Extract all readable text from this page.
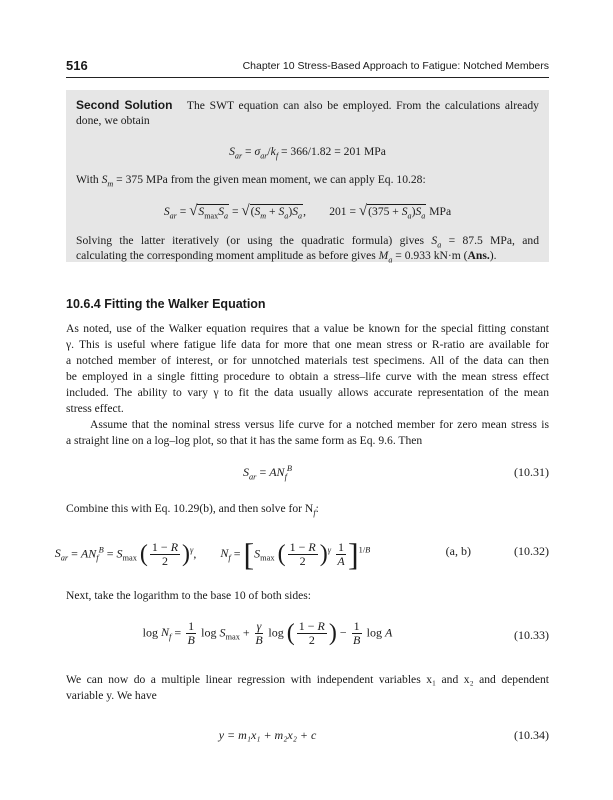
516	Chapter 10 Stress-Based Approach to Fatigue: Notched Members
Second Solution The SWT equation can also be employed. From the calculations already
done, we obtain
$S_{ar} = \sigma_{ar}/k_f = 366/1.82 = 201$ MPa
With $S_m = 375$ MPa from the given mean moment, we can apply Eq. 10.28:
$S_{ar} = √S_{max}S_a = √(S_m + S_a)S_a$,        $201 = √(375 + S_a)S_a$ MPa
Solving the latter iteratively (or using the quadratic formula) gives $S_a = 87.5$ MPa, and
calculating the corresponding moment amplitude as before gives $M_a = 0.933$ kN·m (Ans.).
10.6.4 Fitting the Walker Equation
As noted, use of the Walker equation requires that a value be known for the special fitting constant
γ. This is useful where fatigue life data for more that one mean stress or R-ratio are available for
a notched member of interest, or for unnotched materials test specimens. All of the data can then
be employed in a single fitting procedure to obtain a stress–life curve with the mean stress effect
included. The ability to vary γ to fit the data usually allows accurate representation of the mean
stress effect.
Assume that the nominal stress versus life curve for a notched member for zero mean stress is
a straight line on a log–log plot, so that it has the same form as Eq. 9.6. Then
$S_{ar} = AN_f^B$	(10.31)
Combine this with Eq. 10.29(b), and then solve for $N_f$:
$S_{ar} = AN_f^B = S_{max}$ ( $\frac{1 - R}{2} )^\gamma$,        $N_f = [S_{max}$ ( $\frac{1 - R}{2} )^\gamma \frac{1}{A} ]^{1/B}$	(a, b)	(10.32)
Next, take the logarithm to the base 10 of both sides:
$\log N_f = \frac{1}{B}$ $\log S_{max} + \frac{\gamma}{B}$ log ( $\frac{1 - R}{2}$ ) − $\frac{1}{B}$ log A	(10.33)
We can now do a multiple linear regression with independent variables x₁ and x₂ and dependent
variable y. We have
y = m₁x₁ + m₂x₂ + c	(10.34)
